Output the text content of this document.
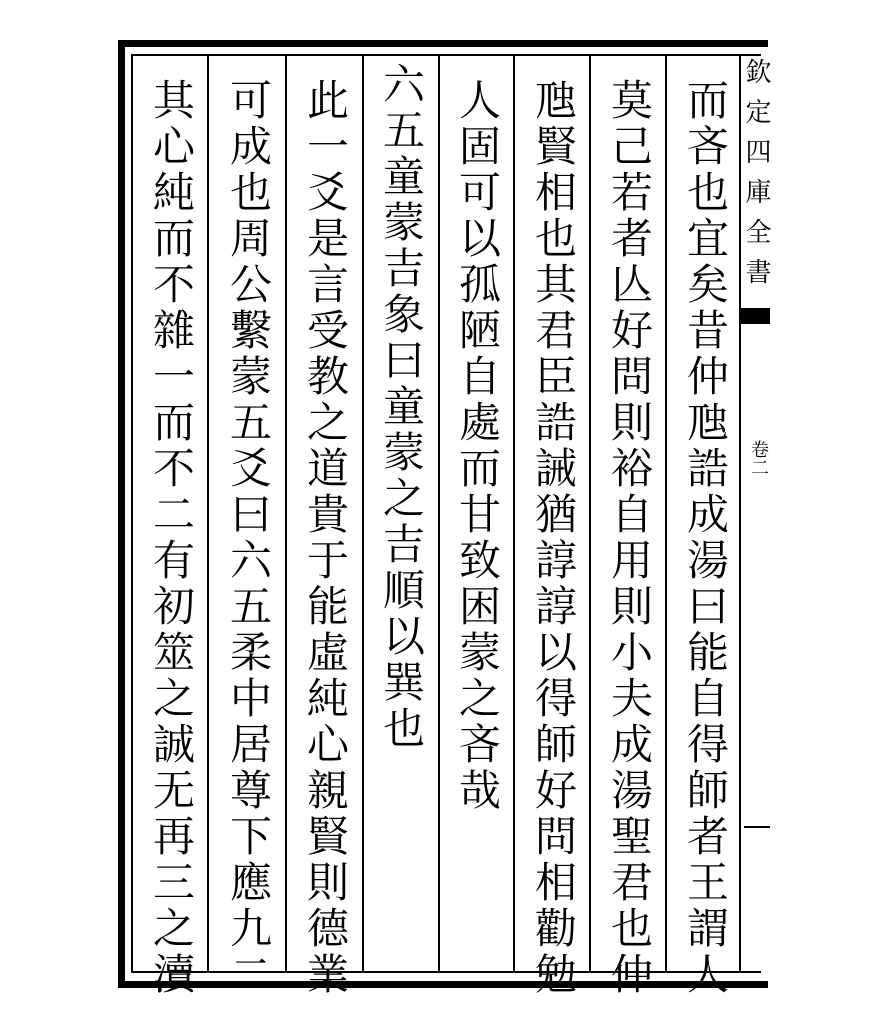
而吝也宜矣昔仲虺誥成湯曰能自得師者王謂人
莫己若者亾好問則裕自用則小夫成湯聖君也仲
虺賢相也其君臣誥誡猶諄諄以得師好問相勸勉
人固可以孤陋自處而甘致困蒙之吝哉
六五童蒙吉象曰童蒙之吉順以巽也
此一爻是言受教之道貴于能虛純心親賢則德業
可成也周公繫蒙五爻曰六五柔中居尊下應九二
其心純而不雜一而不二有初筮之誠无再三之瀆	欽定四庫全書
卷二
